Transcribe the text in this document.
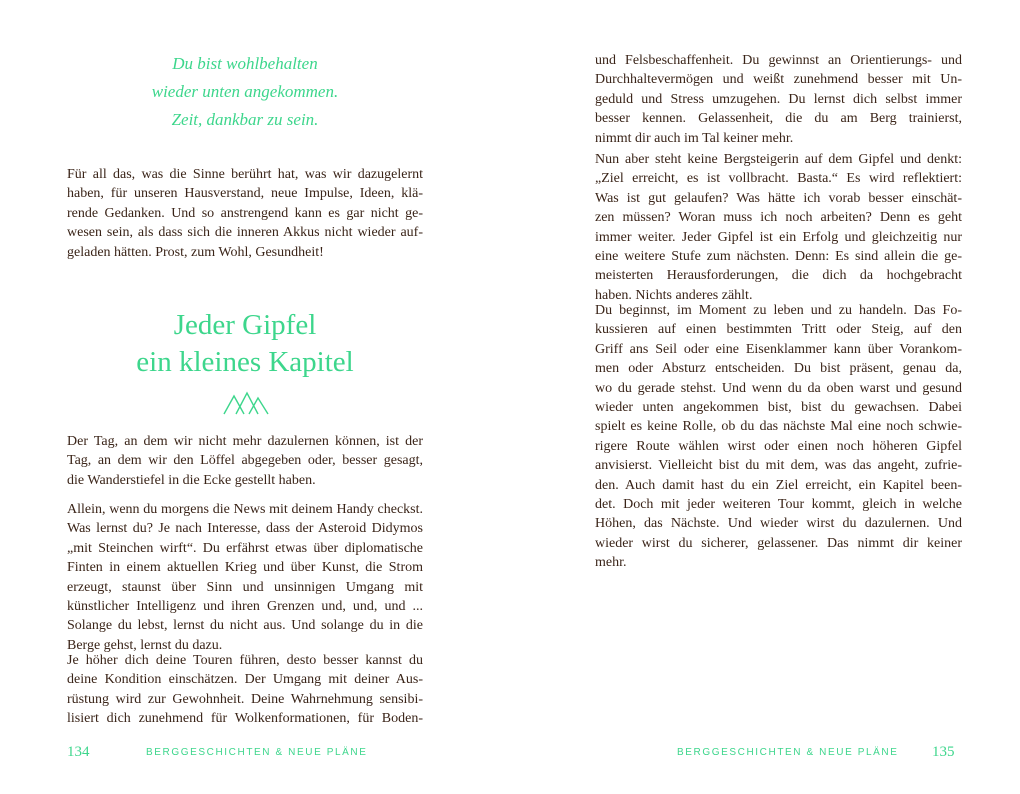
Du bist wohlbehalten
wieder unten angekommen.
Zeit, dankbar zu sein.
Für all das, was die Sinne berührt hat, was wir dazugelernt
haben, für unseren Hausverstand, neue Impulse, Ideen, klä-
rende Gedanken. Und so anstrengend kann es gar nicht ge-
wesen sein, als dass sich die inneren Akkus nicht wieder auf-
geladen hätten. Prost, zum Wohl, Gesundheit!
Jeder Gipfel
ein kleines Kapitel
Der Tag, an dem wir nicht mehr dazulernen können, ist der
Tag, an dem wir den Löffel abgegeben oder, besser gesagt,
die Wanderstiefel in die Ecke gestellt haben.
Allein, wenn du morgens die News mit deinem Handy checkst.
Was lernst du? Je nach Interesse, dass der Asteroid Didymos
„mit Steinchen wirft“. Du erfährst etwas über diplomatische
Finten in einem aktuellen Krieg und über Kunst, die Strom
erzeugt, staunst über Sinn und unsinnigen Umgang mit
künstlicher Intelligenz und ihren Grenzen und, und, und ...
Solange du lebst, lernst du nicht aus. Und solange du in die
Berge gehst, lernst du dazu.
Je höher dich deine Touren führen, desto besser kannst du
deine Kondition einschätzen. Der Umgang mit deiner Aus-
rüstung wird zur Gewohnheit. Deine Wahrnehmung sensibi-
lisiert dich zunehmend für Wolkenformationen, für Boden-
134	BERGGESCHICHTEN & NEUE PLÄNE
und Felsbeschaffenheit. Du gewinnst an Orientierungs- und
Durchhaltevermögen und weißt zunehmend besser mit Un-
geduld und Stress umzugehen. Du lernst dich selbst immer
besser kennen. Gelassenheit, die du am Berg trainierst,
nimmt dir auch im Tal keiner mehr.
Nun aber steht keine Bergsteigerin auf dem Gipfel und denkt:
„Ziel erreicht, es ist vollbracht. Basta.“ Es wird reflektiert:
Was ist gut gelaufen? Was hätte ich vorab besser einschät-
zen müssen? Woran muss ich noch arbeiten? Denn es geht
immer weiter. Jeder Gipfel ist ein Erfolg und gleichzeitig nur
eine weitere Stufe zum nächsten. Denn: Es sind allein die ge-
meisterten Herausforderungen, die dich da hochgebracht
haben. Nichts anderes zählt.
Du beginnst, im Moment zu leben und zu handeln. Das Fo-
kussieren auf einen bestimmten Tritt oder Steig, auf den
Griff ans Seil oder eine Eisenklammer kann über Vorankom-
men oder Absturz entscheiden. Du bist präsent, genau da,
wo du gerade stehst. Und wenn du da oben warst und gesund
wieder unten angekommen bist, bist du gewachsen. Dabei
spielt es keine Rolle, ob du das nächste Mal eine noch schwie-
rigere Route wählen wirst oder einen noch höheren Gipfel
anvisierst. Vielleicht bist du mit dem, was das angeht, zufrie-
den. Auch damit hast du ein Ziel erreicht, ein Kapitel been-
det. Doch mit jeder weiteren Tour kommt, gleich in welche
Höhen, das Nächste. Und wieder wirst du dazulernen. Und
wieder wirst du sicherer, gelassener. Das nimmt dir keiner
mehr.
BERGGESCHICHTEN & NEUE PLÄNE 135
